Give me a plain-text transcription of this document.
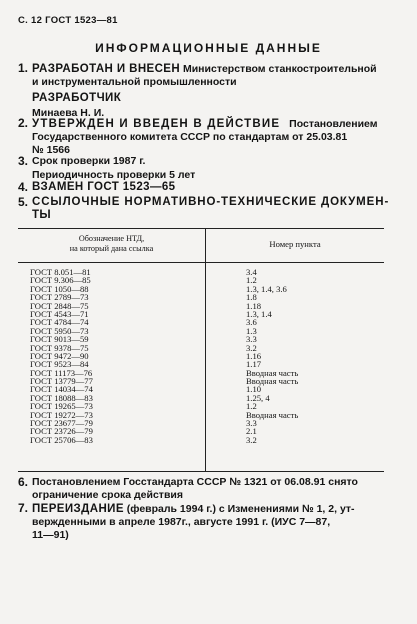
С. 12 ГОСТ 1523—81
ИНФОРМАЦИОННЫЕ ДАННЫЕ
1. РАЗРАБОТАН И ВНЕСЕН Министерством станкостроительной
и инструментальной промышленности
РАЗРАБОТЧИК
Минаева Н. И.
2. УТВЕРЖДЕН И ВВЕДЕН В ДЕЙСТВИЕ Постановлением
Государственного комитета СССР по стандартам от 25.03.81
№ 1566
3. Срок проверки 1987 г.
Периодичность проверки 5 лет
4. ВЗАМЕН ГОСТ 1523—65
5. ССЫЛОЧНЫЕ НОРМАТИВНО-ТЕХНИЧЕСКИЕ ДОКУМЕН-
ТЫ
Обозначение НТД,
на который дана ссылка	Номер пункта
ГОСТ 8.051—81	3.4
ГОСТ 9.306—85	1.2
ГОСТ 1050—88	1.3, 1.4, 3.6
ГОСТ 2789—73	1.8
ГОСТ 2848—75	1.18
ГОСТ 4543—71	1.3, 1.4
ГОСТ 4784—74	3.6
ГОСТ 5950—73	1.3
ГОСТ 9013—59	3.3
ГОСТ 9378—75	3.2
ГОСТ 9472—90	1.16
ГОСТ 9523—84	1.17
ГОСТ 11173—76	Вводная часть
ГОСТ 13779—77	Вводная часть
ГОСТ 14034—74	1.10
ГОСТ 18088—83	1.25, 4
ГОСТ 19265—73	1.2
ГОСТ 19272—73	Вводная часть
ГОСТ 23677—79	3.3
ГОСТ 23726—79	2.1
ГОСТ 25706—83	3.2
6. Постановлением Госстандарта СССР № 1321 от 06.08.91 снято
ограничение срока действия
7. ПЕРЕИЗДАНИЕ (февраль 1994 г.) с Изменениями № 1, 2, ут-
вержденными в апреле 1987г., августе 1991 г. (ИУС 7—87,
11—91)
